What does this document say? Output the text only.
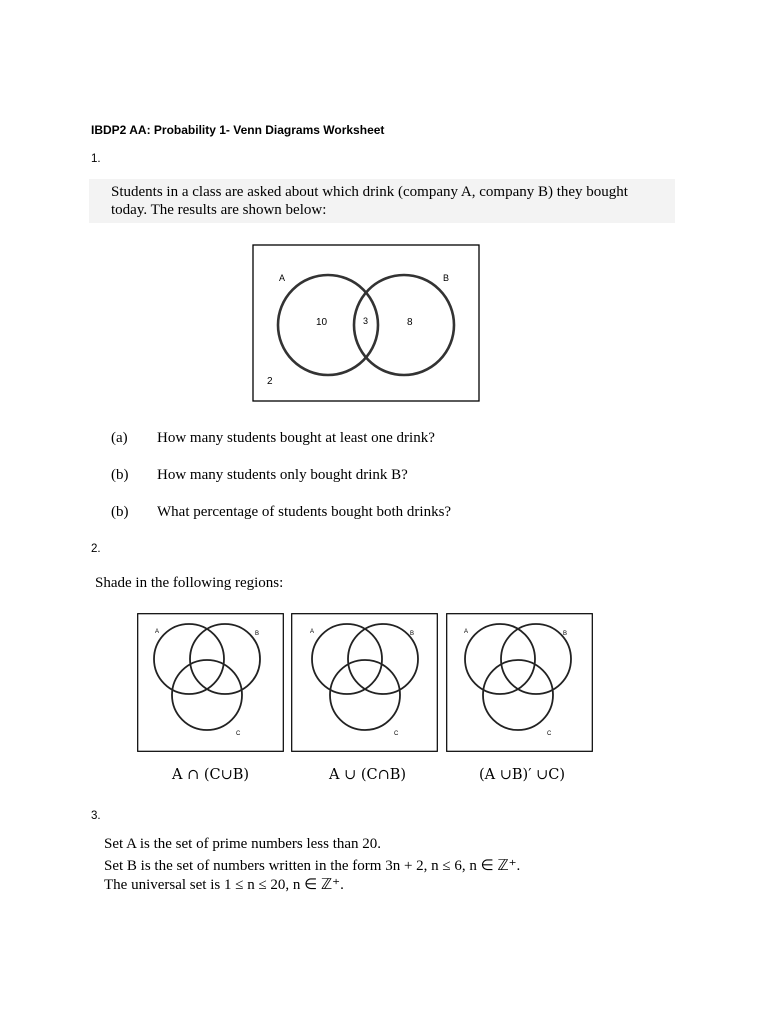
IBDP2 AA: Probability 1- Venn Diagrams Worksheet
1.
Students in a class are asked about which drink (company A, company B) they bought
today. The results are shown below:
A	B
10	3	8
2
(a) How many students bought at least one drink?
(b) How many students only bought drink B?
(b) What percentage of students bought both drinks?
2.
Shade in the following regions:
A	B
C
A	B
C
A	B
C
A ∩ (C∪B)	A ∪ (C∩B)	(A ∪B)′ ∪C)
3.
Set A is the set of prime numbers less than 20.
Set B is the set of numbers written in the form 3n + 2, n ≤ 6, n ∈ ℤ⁺.
The universal set is 1 ≤ n ≤ 20, n ∈ ℤ⁺.
